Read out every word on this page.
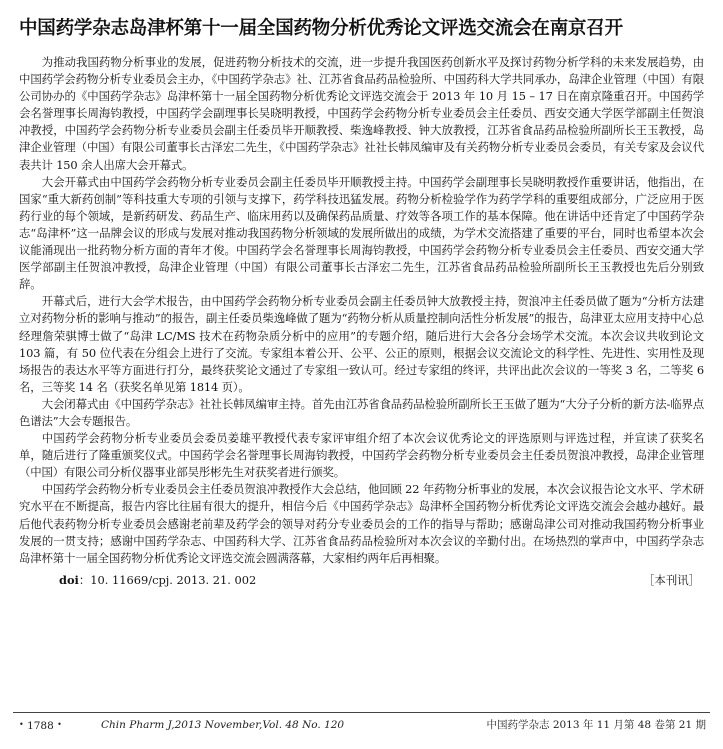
中国药学杂志岛津杯第十一届全国药物分析优秀论文评选交流会在南京召开

为推动我国药物分析事业的发展，促进药物分析技术的交流，进一步提升我国医药创新水平及探讨药物分析学科的未来发展趋势，由中国药学会药物分析专业委员会主办，《中国药学杂志》社、江苏省食品药品检验所、中国药科大学共同承办，岛津企业管理（中国）有限公司协办的《中国药学杂志》岛津杯第十一届全国药物分析优秀论文评选交流会于 2013 年 10 月 15 – 17 日在南京隆重召开。中国药学会名誉理事长周海钧教授，中国药学会副理事长吴晓明教授，中国药学会药物分析专业委员会主任委员、西安交通大学医学部副主任贺浪冲教授，中国药学会药物分析专业委员会副主任委员毕开顺教授、柴逸峰教授、钟大放教授，江苏省食品药品检验所副所长王玉教授，岛津企业管理（中国）有限公司董事长古泽宏二先生，《中国药学杂志》社社长韩凤编审及有关药物分析专业委员会委员，有关专家及会议代表共计 150 余人出席大会开幕式。

大会开幕式由中国药学会药物分析专业委员会副主任委员毕开顺教授主持。中国药学会副理事长吴晓明教授作重要讲话，他指出，在国家“重大新药创制”等科技重大专项的引领与支撑下，药学科技迅猛发展。药物分析检验学作为药学学科的重要组成部分，广泛应用于医药行业的每个领域，是新药研发、药品生产、临床用药以及确保药品质量、疗效等各项工作的基本保障。他在讲话中还肯定了中国药学杂志“岛津杯”这一品牌会议的形成与发展对推动我国药物分析领域的发展所做出的成绩，为学术交流搭建了重要的平台，同时也希望本次会议能涌现出一批药物分析方面的青年才俊。中国药学会名誉理事长周海钧教授，中国药学会药物分析专业委员会主任委员、西安交通大学医学部副主任贺浪冲教授，岛津企业管理（中国）有限公司董事长古泽宏二先生，江苏省食品药品检验所副所长王玉教授也先后分别致辞。

开幕式后，进行大会学术报告，由中国药学会药物分析专业委员会副主任委员钟大放教授主持，贺浪冲主任委员做了题为“分析方法建立对药物分析的影响与推动”的报告，副主任委员柴逸峰做了题为“药物分析从质量控制向活性分析发展”的报告，岛津亚太应用支持中心总经理詹荣骐博士做了“岛津 LC/MS 技术在药物杂质分析中的应用”的专题介绍，随后进行大会各分会场学术交流。本次会议共收到论文 103 篇，有 50 位代表在分组会上进行了交流。专家组本着公开、公平、公正的原则，根据会议交流论文的科学性、先进性、实用性及现场报告的表达水平等方面进行打分，最终获奖论文通过了专家组一致认可。经过专家组的终评，共评出此次会议的一等奖 3 名，二等奖 6 名，三等奖 14 名（获奖名单见第 1814 页）。

大会闭幕式由《中国药学杂志》社社长韩凤编审主持。首先由江苏省食品药品检验所副所长王玉做了题为“大分子分析的新方法-临界点色谱法”大会专题报告。

中国药学会药物分析专业委员会委员姜雄平教授代表专家评审组介绍了本次会议优秀论文的评选原则与评选过程，并宣读了获奖名单，随后进行了隆重颁奖仪式。中国药学会名誉理事长周海钧教授，中国药学会药物分析专业委员会主任委员贺浪冲教授，岛津企业管理（中国）有限公司分析仪器事业部吴彤彬先生对获奖者进行颁奖。

中国药学会药物分析专业委员会主任委员贺浪冲教授作大会总结，他回顾 22 年药物分析事业的发展，本次会议报告论文水平、学术研究水平在不断提高，报告内容比往届有很大的提升，相信今后《中国药学杂志》岛津杯全国药物分析优秀论文评选交流会会越办越好。最后他代表药物分析专业委员会感谢老前辈及药学会的领导对药分专业委员会的工作的指导与帮助；感谢岛津公司对推动我国药物分析事业发展的一贯支持；感谢中国药学杂志、中国药科大学、江苏省食品药品检验所对本次会议的辛勤付出。在场热烈的掌声中，中国药学杂志岛津杯第十一届全国药物分析优秀论文评选交流会圆满落幕，大家相约两年后再相聚。

doi：10. 11669/cpj. 2013. 21. 002	［本刊讯］
• 1788 •	Chin Pharm J,2013 November,Vol. 48 No. 120	中国药学杂志 2013 年 11 月第 48 卷第 21 期
